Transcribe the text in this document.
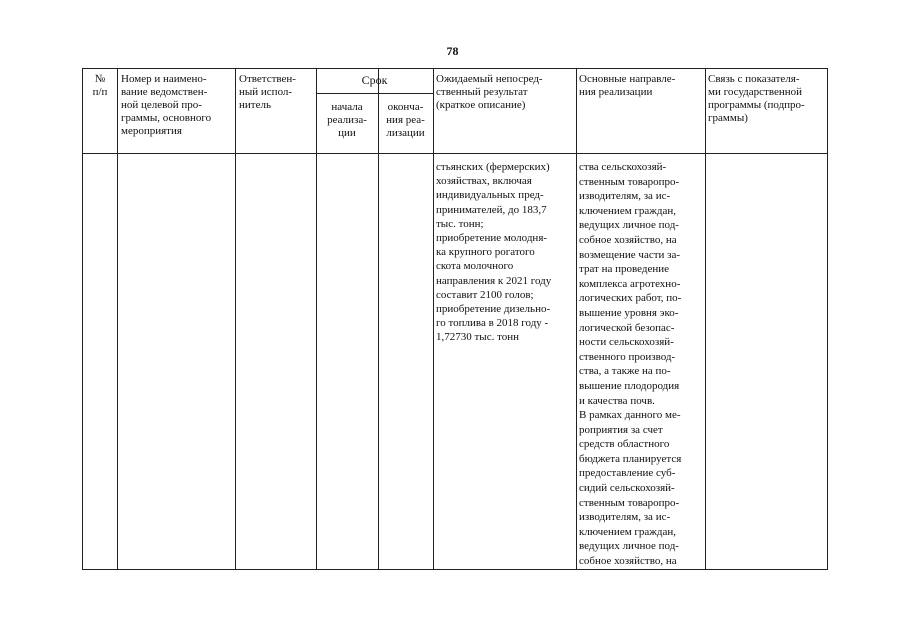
78
№
п/п
Номер и наимено-
вание ведомствен-
ной целевой про-
граммы, основного
мероприятия
Ответствен-
ный испол-
нитель
Срок
начала
реализа-
ции
оконча-
ния реа-
лизации
Ожидаемый непосред-
ственный результат
(краткое описание)
Основные направле-
ния реализации
Связь с показателя-
ми государственной
программы (подпро-
граммы)
стьянских (фермерских)
хозяйствах, включая
индивидуальных пред-
принимателей, до 183,7
тыс. тонн;
приобретение молодня-
ка крупного рогатого
скота молочного
направления к 2021 году
составит 2100 голов;
приобретение дизельно-
го топлива в 2018 году -
1,72730 тыс. тонн
ства сельскохозяй-
ственным товаропро-
изводителям, за ис-
ключением граждан,
ведущих личное под-
собное хозяйство, на
возмещение части за-
трат на проведение
комплекса агротехно-
логических работ, по-
вышение уровня эко-
логической безопас-
ности сельскохозяй-
ственного производ-
ства, а также на по-
вышение плодородия
и качества почв.
В рамках данного ме-
роприятия за счет
средств областного
бюджета планируется
предоставление суб-
сидий сельскохозяй-
ственным товаропро-
изводителям, за ис-
ключением граждан,
ведущих личное под-
собное хозяйство, на
